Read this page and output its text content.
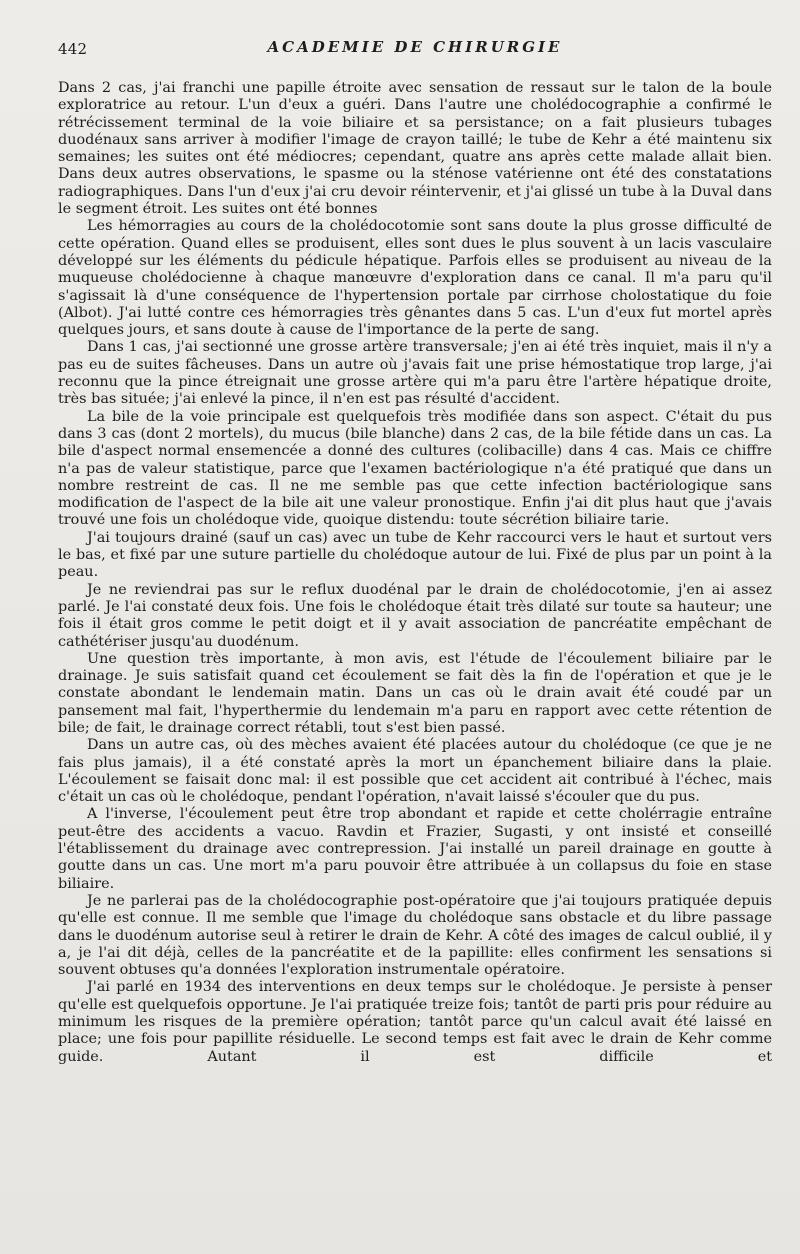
442	ACADEMIE DE CHIRURGIE

Dans 2 cas, j'ai franchi une papille étroite avec sensation de ressaut sur le talon de la boule exploratrice au retour. L'un d'eux a guéri. Dans l'autre une cholédocographie a confirmé le rétrécissement terminal de la voie biliaire et sa persistance; on a fait plusieurs tubages duodénaux sans arriver à modifier l'image de crayon taillé; le tube de Kehr a été maintenu six semaines; les suites ont été médiocres; cependant, quatre ans après cette malade allait bien. Dans deux autres observations, le spasme ou la sténose vatérienne ont été des constatations radiographiques. Dans l'un d'eux j'ai cru devoir réintervenir, et j'ai glissé un tube à la Duval dans le segment étroit. Les suites ont été bonnes

Les hémorragies au cours de la cholédocotomie sont sans doute la plus grosse difficulté de cette opération. Quand elles se produisent, elles sont dues le plus souvent à un lacis vasculaire développé sur les éléments du pédicule hépatique. Parfois elles se produisent au niveau de la muqueuse cholédocienne à chaque manœuvre d'exploration dans ce canal. Il m'a paru qu'il s'agissait là d'une conséquence de l'hypertension portale par cirrhose cholostatique du foie (Albot). J'ai lutté contre ces hémorragies très gênantes dans 5 cas. L'un d'eux fut mortel après quelques jours, et sans doute à cause de l'importance de la perte de sang.

Dans 1 cas, j'ai sectionné une grosse artère transversale; j'en ai été très inquiet, mais il n'y a pas eu de suites fâcheuses. Dans un autre où j'avais fait une prise hémostatique trop large, j'ai reconnu que la pince étreignait une grosse artère qui m'a paru être l'artère hépatique droite, très bas située; j'ai enlevé la pince, il n'en est pas résulté d'accident.

La bile de la voie principale est quelquefois très modifiée dans son aspect. C'était du pus dans 3 cas (dont 2 mortels), du mucus (bile blanche) dans 2 cas, de la bile fétide dans un cas. La bile d'aspect normal ensemencée a donné des cultures (colibacille) dans 4 cas. Mais ce chiffre n'a pas de valeur statistique, parce que l'examen bactériologique n'a été pratiqué que dans un nombre restreint de cas. Il ne me semble pas que cette infection bactériologique sans modification de l'aspect de la bile ait une valeur pronostique. Enfin j'ai dit plus haut que j'avais trouvé une fois un cholédoque vide, quoique distendu: toute sécrétion biliaire tarie.

J'ai toujours drainé (sauf un cas) avec un tube de Kehr raccourci vers le haut et surtout vers le bas, et fixé par une suture partielle du cholédoque autour de lui. Fixé de plus par un point à la peau.

Je ne reviendrai pas sur le reflux duodénal par le drain de cholédocotomie, j'en ai assez parlé. Je l'ai constaté deux fois. Une fois le cholédoque était très dilaté sur toute sa hauteur; une fois il était gros comme le petit doigt et il y avait association de pancréatite empêchant de cathétériser jusqu'au duodénum.

Une question très importante, à mon avis, est l'étude de l'écoulement biliaire par le drainage. Je suis satisfait quand cet écoulement se fait dès la fin de l'opération et que je le constate abondant le lendemain matin. Dans un cas où le drain avait été coudé par un pansement mal fait, l'hyperthermie du lendemain m'a paru en rapport avec cette rétention de bile; de fait, le drainage correct rétabli, tout s'est bien passé.

Dans un autre cas, où des mèches avaient été placées autour du cholédoque (ce que je ne fais plus jamais), il a été constaté après la mort un épanchement biliaire dans la plaie. L'écoulement se faisait donc mal: il est possible que cet accident ait contribué à l'échec, mais c'était un cas où le cholédoque, pendant l'opération, n'avait laissé s'écouler que du pus.

A l'inverse, l'écoulement peut être trop abondant et rapide et cette cholérragie entraîne peut-être des accidents a vacuo. Ravdin et Frazier, Sugasti, y ont insisté et conseillé l'établissement du drainage avec contrepression. J'ai installé un pareil drainage en goutte à goutte dans un cas. Une mort m'a paru pouvoir être attribuée à un collapsus du foie en stase biliaire.

Je ne parlerai pas de la cholédocographie post-opératoire que j'ai toujours pratiquée depuis qu'elle est connue. Il me semble que l'image du cholédoque sans obstacle et du libre passage dans le duodénum autorise seul à retirer le drain de Kehr. A côté des images de calcul oublié, il y a, je l'ai dit déjà, celles de la pancréatite et de la papillite: elles confirment les sensations si souvent obtuses qu'a données l'exploration instrumentale opératoire.

J'ai parlé en 1934 des interventions en deux temps sur le cholédoque. Je persiste à penser qu'elle est quelquefois opportune. Je l'ai pratiquée treize fois; tantôt de parti pris pour réduire au minimum les risques de la première opération; tantôt parce qu'un calcul avait été laissé en place; une fois pour papillite résiduelle. Le second temps est fait avec le drain de Kehr comme guide. Autant il est difficile et
